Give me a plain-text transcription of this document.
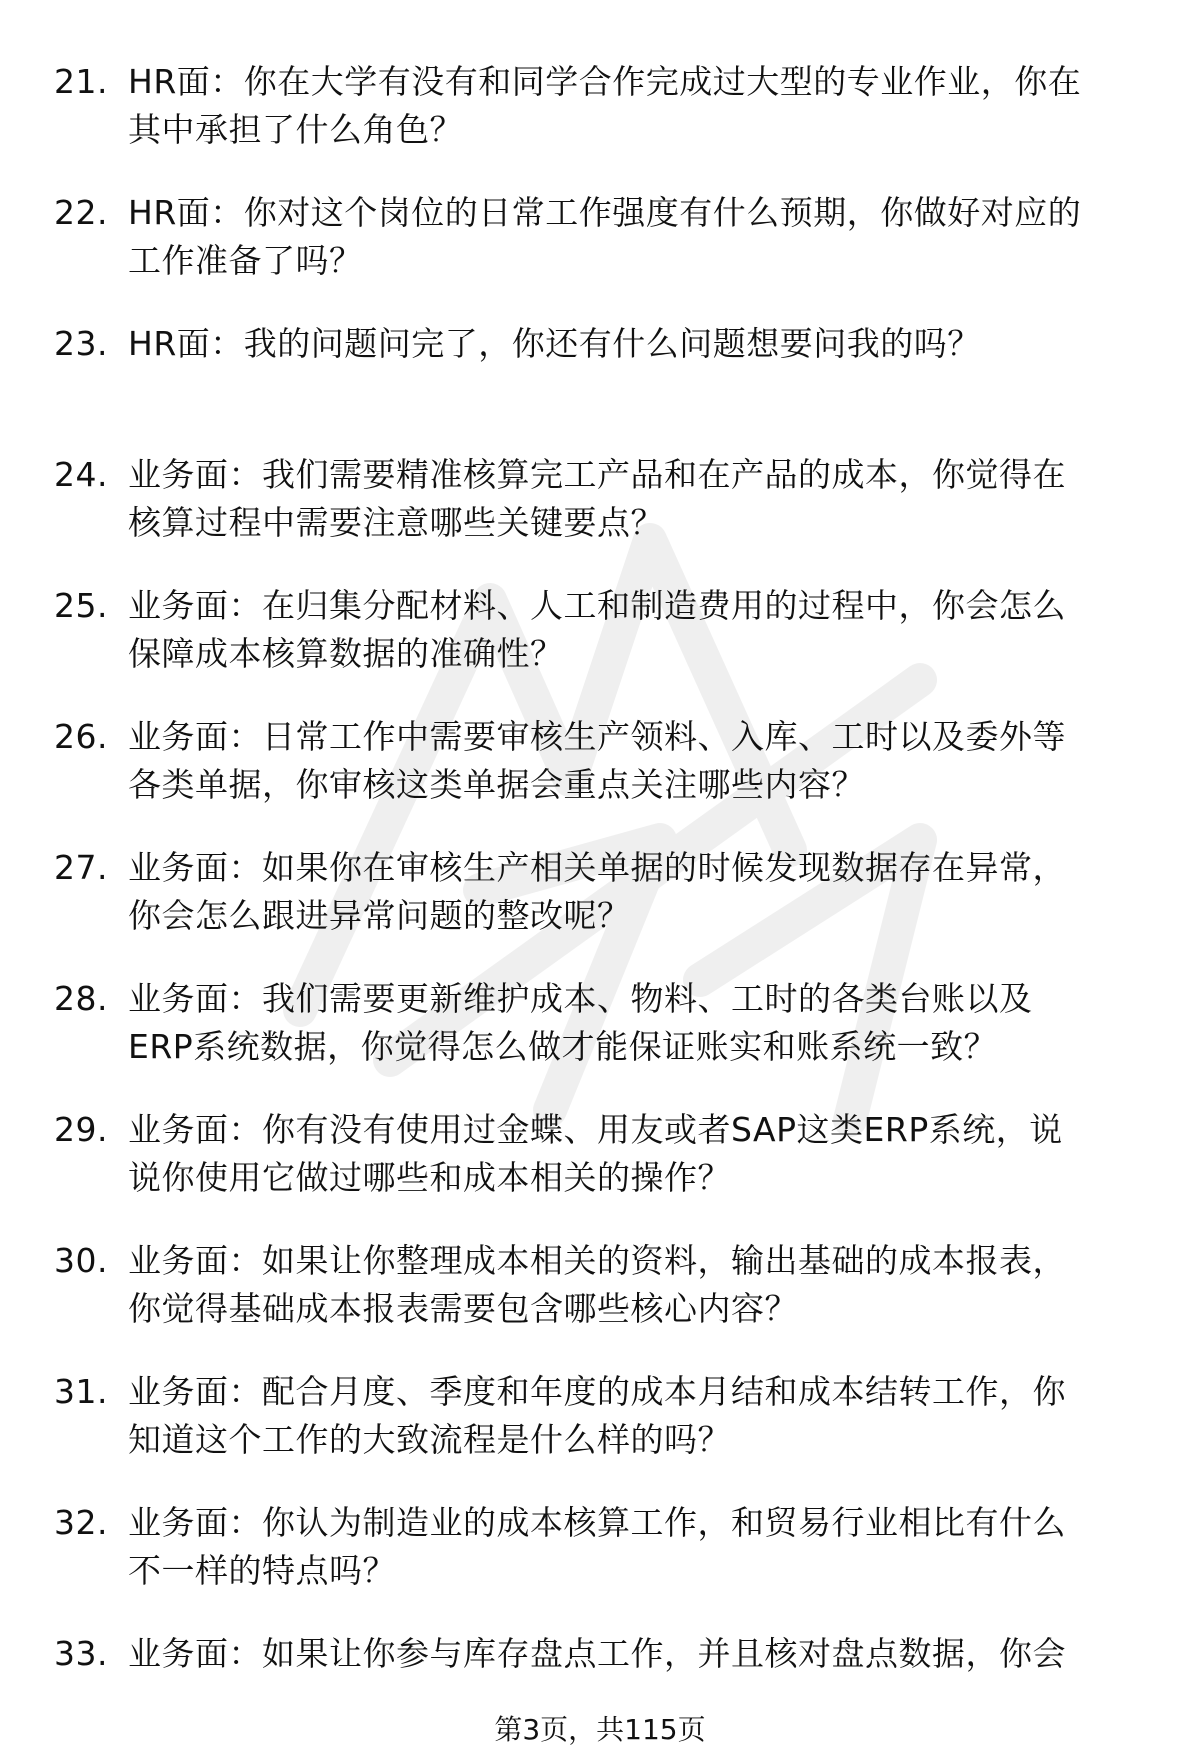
21. HR面：你在大学有没有和同学合作完成过大型的专业作业，你在
其中承担了什么角色？
22. HR面：你对这个岗位的日常工作强度有什么预期，你做好对应的
工作准备了吗？
23. HR面：我的问题问完了，你还有什么问题想要问我的吗？
24. 业务面：我们需要精准核算完工产品和在产品的成本，你觉得在
核算过程中需要注意哪些关键要点？
25. 业务面：在归集分配材料、人工和制造费用的过程中，你会怎么
保障成本核算数据的准确性？
26. 业务面：日常工作中需要审核生产领料、入库、工时以及委外等
各类单据，你审核这类单据会重点关注哪些内容？
27. 业务面：如果你在审核生产相关单据的时候发现数据存在异常，
你会怎么跟进异常问题的整改呢？
28. 业务面：我们需要更新维护成本、物料、工时的各类台账以及
ERP系统数据，你觉得怎么做才能保证账实和账系统一致？
29. 业务面：你有没有使用过金蝶、用友或者SAP这类ERP系统，说
说你使用它做过哪些和成本相关的操作？
30. 业务面：如果让你整理成本相关的资料，输出基础的成本报表，
你觉得基础成本报表需要包含哪些核心内容？
31. 业务面：配合月度、季度和年度的成本月结和成本结转工作，你
知道这个工作的大致流程是什么样的吗？
32. 业务面：你认为制造业的成本核算工作，和贸易行业相比有什么
不一样的特点吗？
33. 业务面：如果让你参与库存盘点工作，并且核对盘点数据，你会
第3页，共115页
